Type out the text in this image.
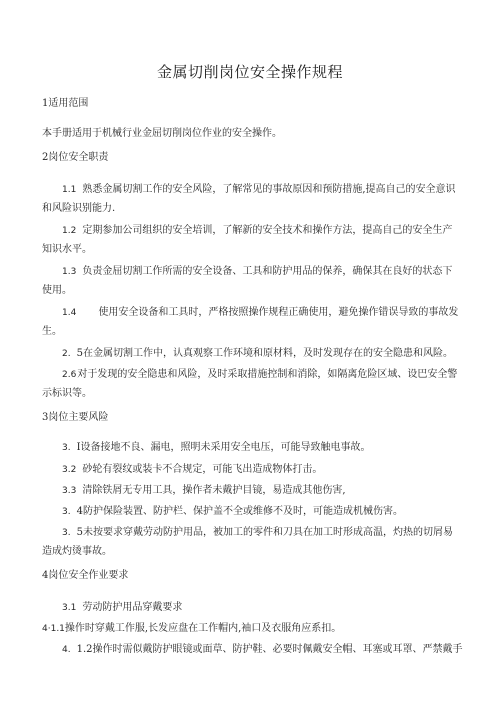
金属切削岗位安全操作规程
1适用范围
本手册适用于机械行业金屈切削岗位作业的安全操作。
2岗位安全职责
1.1 熟悉金属切割工作的安全风险，了解常见的事故原因和预防措施,提高自己的安全意识
和风险识别能力.
1.2 定期参加公司组织的安全培训，了解新的安全技术和操作方法，提高自己的安全生产
知识水平。
1.3 负责金屈切割工作所需的安全设备、工具和防护用品的保养，确保其在良好的状态下
使用。
1.4 使用安全设备和工具时，严格按照操作规程正确使用，避免操作错误导致的事故发
生。
2. 5在金属切割工作中，认真观察工作环境和原材料，及时发现存在的安全隐患和风险。
2.6对于发现的安全隐患和风险，及时采取措施控制和消除，如隔离危险区域、设巴安全警
示标识等。
3岗位主要风险
3. I设备接地不良、漏电，照明未采用安全电压，可能导致触电事故。
3.2 砂轮有裂纹或装卡不合规定，可能飞出造成物体打击。
3.3 清除铁屑无专用工具，操作者未戴护目镜，易造成其他伤害,
3. 4防护保险装置、防护栏、保护盖不全或维修不及时，可能造成机械伤害。
3. 5未按要求穿戴劳动防护用品，被加工的零件和刀具在加工时形成高温，灼热的切屑易
造成灼烫事故。
4岗位安全作业要求
3.1 劳动防护用品穿戴要求
4·1.1操作时穿戴工作服,长发应盘在工作帽内,袖口及衣服角应系扣。
4. 1.2操作时需似戴防护眼镜或面草、防护鞋、必要时佩戴安全帽、耳塞或耳罩、严禁戴手
